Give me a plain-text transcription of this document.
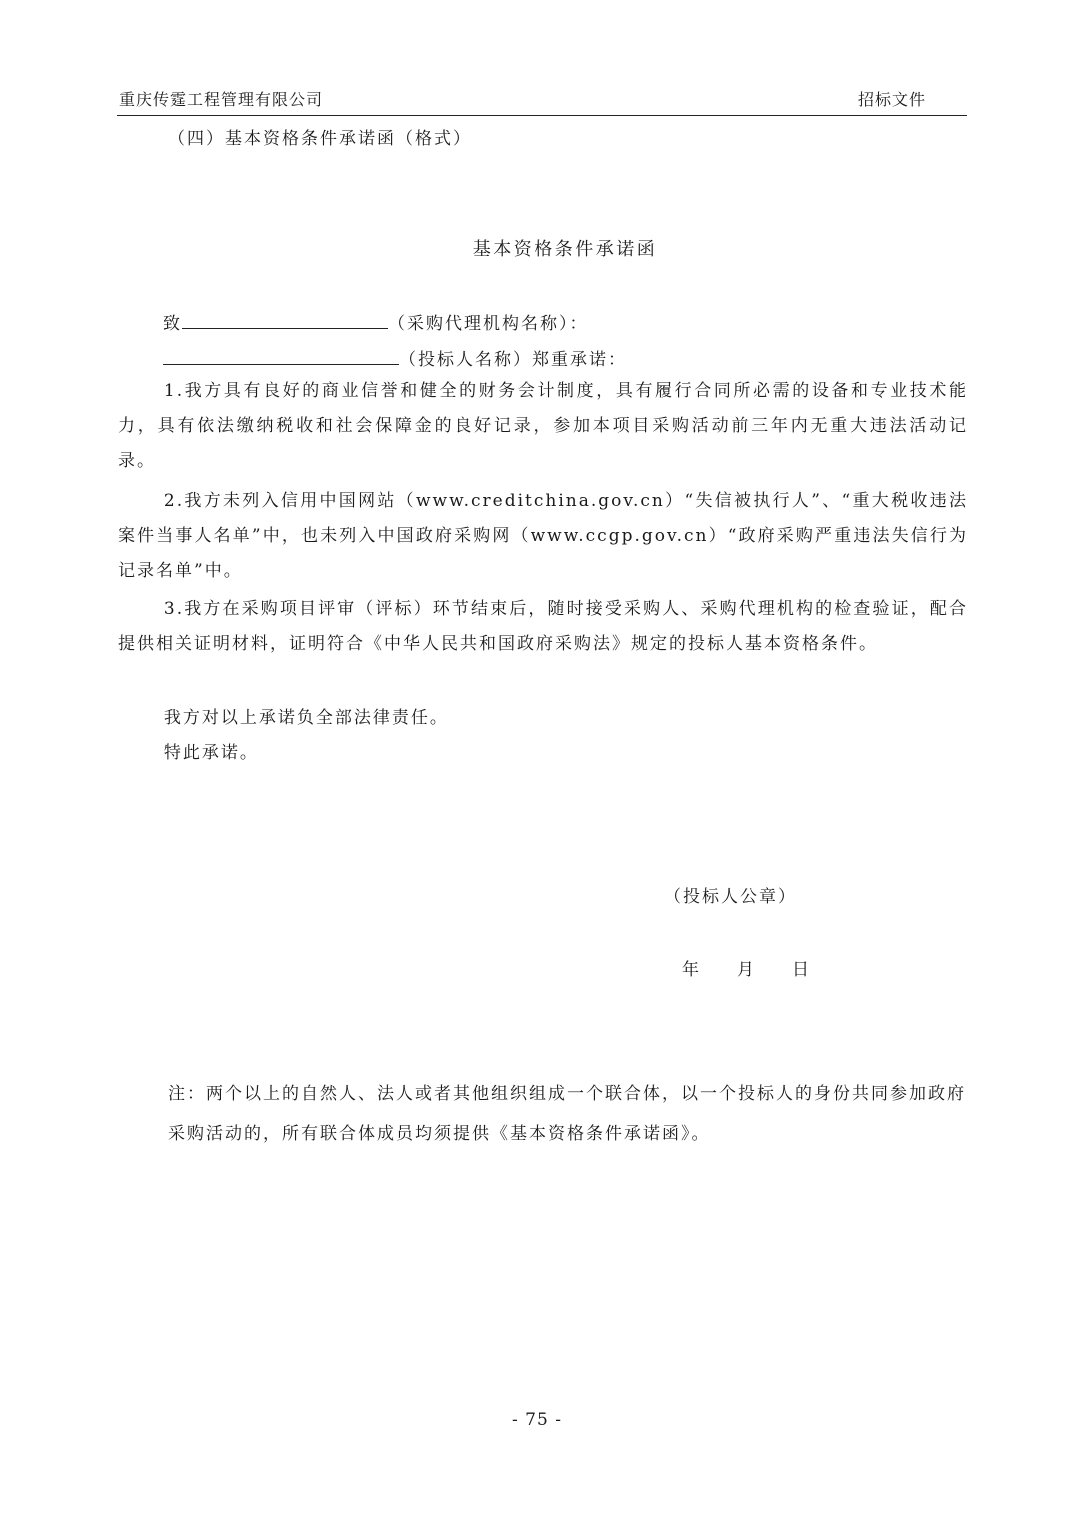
重庆传霆工程管理有限公司	招标文件
（四）基本资格条件承诺函（格式）
基本资格条件承诺函
致	（采购代理机构名称）：
（投标人名称）郑重承诺：
1.我方具有良好的商业信誉和健全的财务会计制度，具有履行合同所必需的设备和专业技术能力，具有依法缴纳税收和社会保障金的良好记录，参加本项目采购活动前三年内无重大违法活动记录。
2.我方未列入信用中国网站（www.creditchina.gov.cn）“失信被执行人”、“重大税收违法案件当事人名单”中，也未列入中国政府采购网（www.ccgp.gov.cn）“政府采购严重违法失信行为记录名单”中。
3.我方在采购项目评审（评标）环节结束后，随时接受采购人、采购代理机构的检查验证，配合提供相关证明材料，证明符合《中华人民共和国政府采购法》规定的投标人基本资格条件。
我方对以上承诺负全部法律责任。
特此承诺。
（投标人公章）
年 月 日
注：两个以上的自然人、法人或者其他组织组成一个联合体，以一个投标人的身份共同参加政府采购活动的，所有联合体成员均须提供《基本资格条件承诺函》。
- 75 -
